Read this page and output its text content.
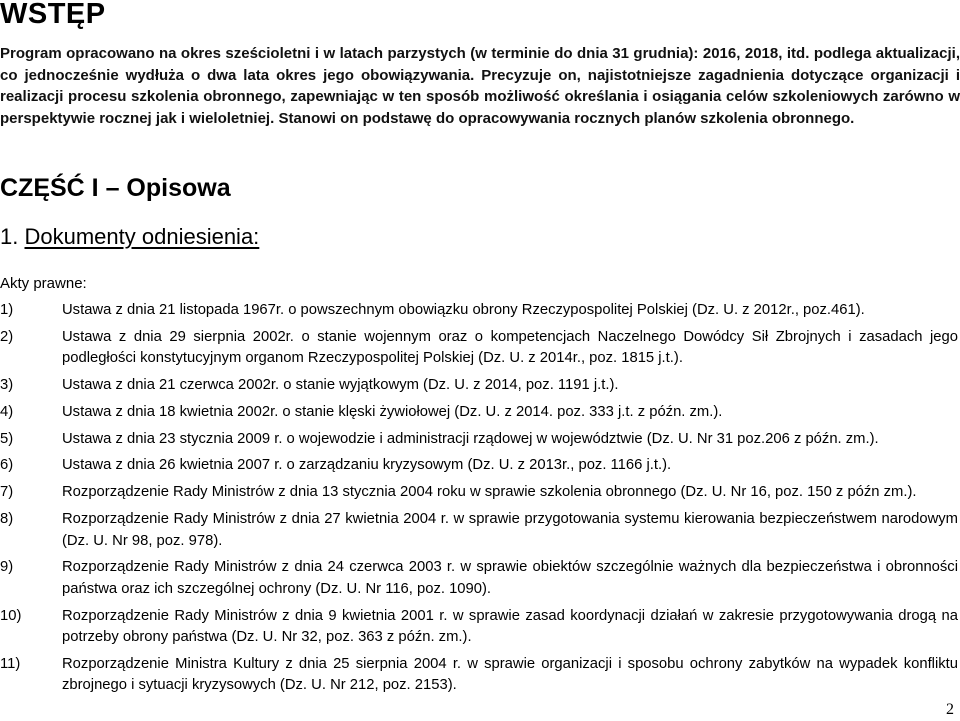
WSTĘP
Program opracowano na okres sześcioletni i w latach parzystych (w terminie do dnia 31 grudnia): 2016, 2018, itd. podlega aktualizacji, co jednocześnie wydłuża o dwa lata okres jego obowiązywania. Precyzuje on, najistotniejsze zagadnienia dotyczące organizacji i realizacji procesu szkolenia obronnego, zapewniając w ten sposób możliwość określania i osiągania celów szkoleniowych zarówno w perspektywie rocznej jak i wieloletniej. Stanowi on podstawę do opracowywania rocznych planów szkolenia obronnego.
CZĘŚĆ I – Opisowa
1. Dokumenty odniesienia:
Akty prawne:
1)	Ustawa z dnia 21 listopada 1967r. o powszechnym obowiązku obrony Rzeczypospolitej Polskiej (Dz. U. z 2012r., poz.461).
2)	Ustawa z dnia 29 sierpnia 2002r. o stanie wojennym oraz o kompetencjach Naczelnego Dowódcy Sił Zbrojnych i zasadach jego podległości konstytucyjnym organom Rzeczypospolitej Polskiej (Dz. U. z 2014r., poz. 1815 j.t.).
3)	Ustawa z dnia 21 czerwca 2002r. o stanie wyjątkowym (Dz. U. z 2014, poz. 1191 j.t.).
4)	Ustawa z dnia 18 kwietnia 2002r. o stanie klęski żywiołowej (Dz. U. z 2014. poz. 333 j.t. z późn. zm.).
5)	Ustawa z dnia 23 stycznia 2009 r. o wojewodzie i administracji rządowej w województwie (Dz. U. Nr 31 poz.206 z późn. zm.).
6)	Ustawa z dnia 26 kwietnia 2007 r. o zarządzaniu kryzysowym (Dz. U. z 2013r., poz. 1166 j.t.).
7)	Rozporządzenie Rady Ministrów z dnia 13 stycznia 2004 roku w sprawie szkolenia obronnego (Dz. U. Nr 16, poz. 150 z późn zm.).
8)	Rozporządzenie Rady Ministrów z dnia 27 kwietnia 2004 r. w sprawie przygotowania systemu kierowania bezpieczeństwem narodowym (Dz. U. Nr 98, poz. 978).
9)	Rozporządzenie Rady Ministrów z dnia 24 czerwca 2003 r. w sprawie obiektów szczególnie ważnych dla bezpieczeństwa i obronności państwa oraz ich szczególnej ochrony (Dz. U. Nr 116, poz. 1090).
10)	Rozporządzenie Rady Ministrów z dnia 9 kwietnia 2001 r. w sprawie zasad koordynacji działań w zakresie przygotowywania drogą na potrzeby obrony państwa (Dz. U. Nr 32, poz. 363 z późn. zm.).
11)	Rozporządzenie Ministra Kultury z dnia 25 sierpnia 2004 r. w sprawie organizacji i sposobu ochrony zabytków na wypadek konfliktu zbrojnego i sytuacji kryzysowych (Dz. U. Nr 212, poz. 2153).
2
